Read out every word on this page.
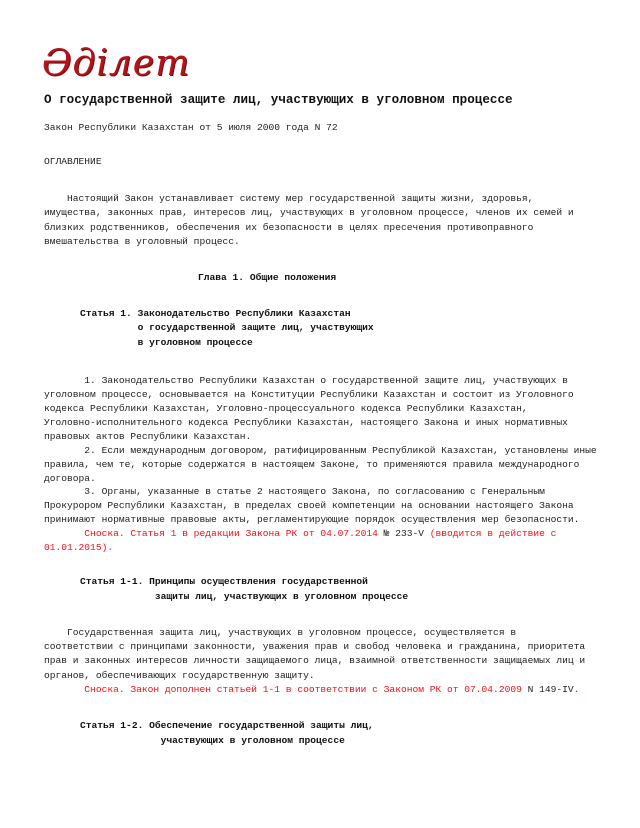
Әділет
О государственной защите лиц, участвующих в уголовном процессе
Закон Республики Казахстан от 5 июля 2000 года N 72
ОГЛАВЛЕНИЕ
Настоящий Закон устанавливает систему мер государственной защиты жизни, здоровья,
имущества, законных прав, интересов лиц, участвующих в уголовном процессе, членов их семей и
близких родственников, обеспечения их безопасности в целях пресечения противоправного
вмешательства в уголовный процесс.
Глава 1. Общие положения
Статья 1. Законодательство Республики Казахстан
о государственной защите лиц, участвующих
в уголовном процессе
1. Законодательство Республики Казахстан о государственной защите лиц, участвующих в
уголовном процессе, основывается на Конституции Республики Казахстан и состоит из Уголовного
кодекса Республики Казахстан, Уголовно-процессуального кодекса Республики Казахстан,
Уголовно-исполнительного кодекса Республики Казахстан, настоящего Закона и иных нормативных
правовых актов Республики Казахстан.
2. Если международным договором, ратифицированным Республикой Казахстан, установлены иные
правила, чем те, которые содержатся в настоящем Законе, то применяются правила международного
договора.
3. Органы, указанные в статье 2 настоящего Закона, по согласованию с Генеральным
Прокурором Республики Казахстан, в пределах своей компетенции на основании настоящего Закона
принимают нормативные правовые акты, регламентирующие порядок осуществления мер безопасности.
Сноска. Статья 1 в редакции Закона РК от 04.07.2014 № 233-V (вводится в действие с
01.01.2015).
Статья 1-1. Принципы осуществления государственной
защиты лиц, участвующих в уголовном процессе
Государственная защита лиц, участвующих в уголовном процессе, осуществляется в
соответствии с принципами законности, уважения прав и свобод человека и гражданина, приоритета
прав и законных интересов личности защищаемого лица, взаимной ответственности защищаемых лиц и
органов, обеспечивающих государственную защиту.
Сноска. Закон дополнен статьей 1-1 в соответствии с Законом РК от 07.04.2009 N 149-IV.
Статья 1-2. Обеспечение государственной защиты лиц,
участвующих в уголовном процессе
